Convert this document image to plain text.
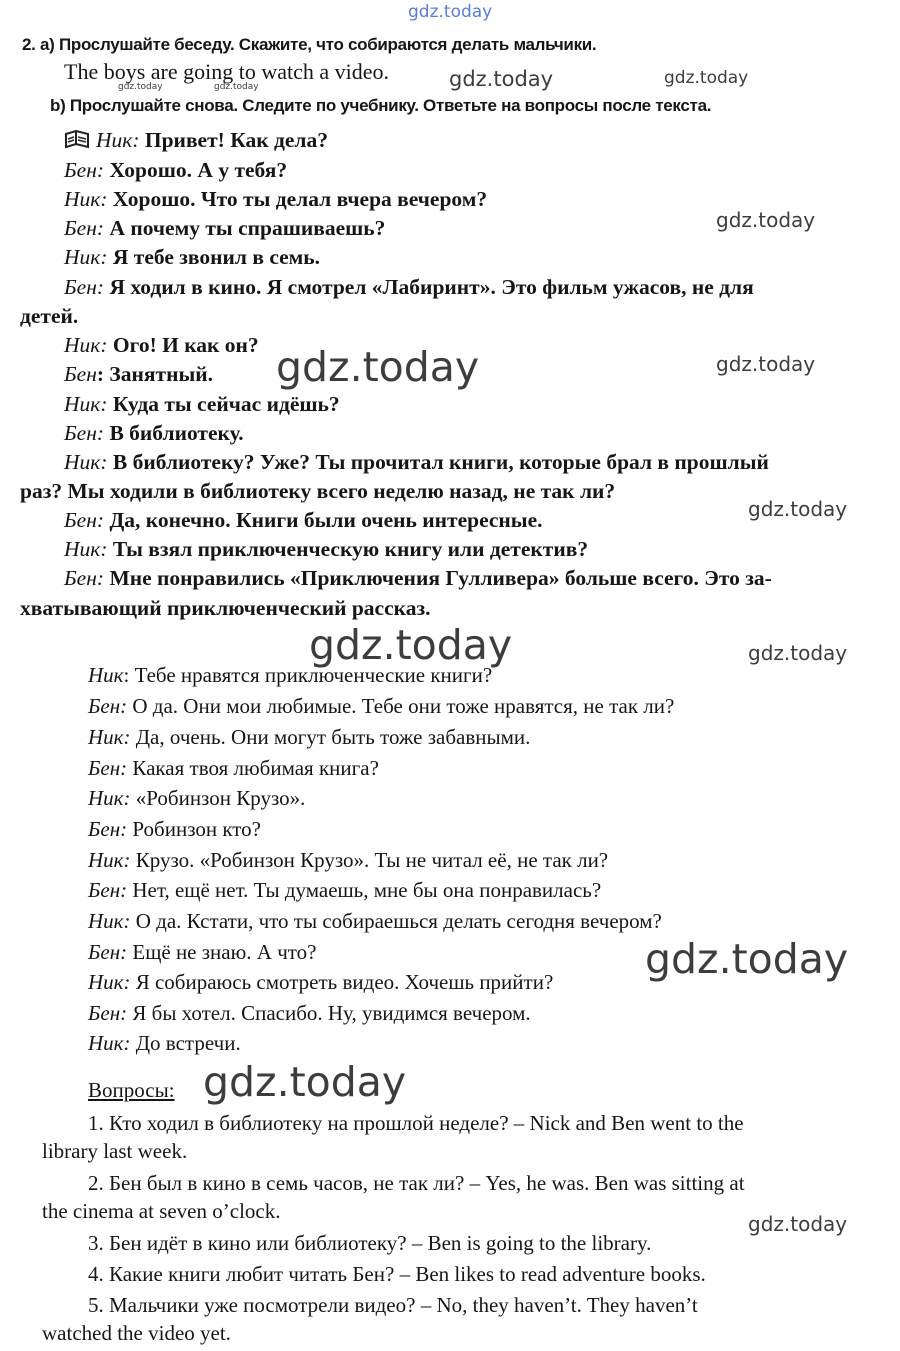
gdz.today
gdz.today	gdz.today	gdz.today	gdz.today
gdz.today
gdz.today	gdz.today
gdz.today
gdz.today	gdz.today
gdz.today
gdz.today
gdz.today
2. a) Прослушайте беседу. Скажите, что собираются делать мальчики.
The boys are going to watch a video.
b) Прослушайте снова. Следите по учебнику. Ответьте на вопросы после текста.
Ник: Привет! Как дела?
Бен: Хорошо. А у тебя?
Ник: Хорошо. Что ты делал вчера вечером?
Бен: А почему ты спрашиваешь?
Ник: Я тебе звонил в семь.
Бен: Я ходил в кино. Я смотрел «Лабиринт». Это фильм ужасов, не для
детей.
Ник: Ого! И как он?
Бен: Занятный.
Ник: Куда ты сейчас идёшь?
Бен: В библиотеку.
Ник: В библиотеку? Уже? Ты прочитал книги, которые брал в прошлый
раз? Мы ходили в библиотеку всего неделю назад, не так ли?
Бен: Да, конечно. Книги были очень интересные.
Ник: Ты взял приключенческую книгу или детектив?
Бен: Мне понравились «Приключения Гулливера» больше всего. Это за-
хватывающий приключенческий рассказ.
Ник: Тебе нравятся приключенческие книги?
Бен: О да. Они мои любимые. Тебе они тоже нравятся, не так ли?
Ник: Да, очень. Они могут быть тоже забавными.
Бен: Какая твоя любимая книга?
Ник: «Робинзон Крузо».
Бен: Робинзон кто?
Ник: Крузо. «Робинзон Крузо». Ты не читал её, не так ли?
Бен: Нет, ещё нет. Ты думаешь, мне бы она понравилась?
Ник: О да. Кстати, что ты собираешься делать сегодня вечером?
Бен: Ещё не знаю. А что?
Ник: Я собираюсь смотреть видео. Хочешь прийти?
Бен: Я бы хотел. Спасибо. Ну, увидимся вечером.
Ник: До встречи.
Вопросы:
1. Кто ходил в библиотеку на прошлой неделе? – Nick and Ben went to the
library last week.
2. Бен был в кино в семь часов, не так ли? – Yes, he was. Ben was sitting at
the cinema at seven o’clock.
3. Бен идёт в кино или библиотеку? – Ben is going to the library.
4. Какие книги любит читать Бен? – Ben likes to read adventure books.
5. Мальчики уже посмотрели видео? – No, they haven’t. They haven’t
watched the video yet.
